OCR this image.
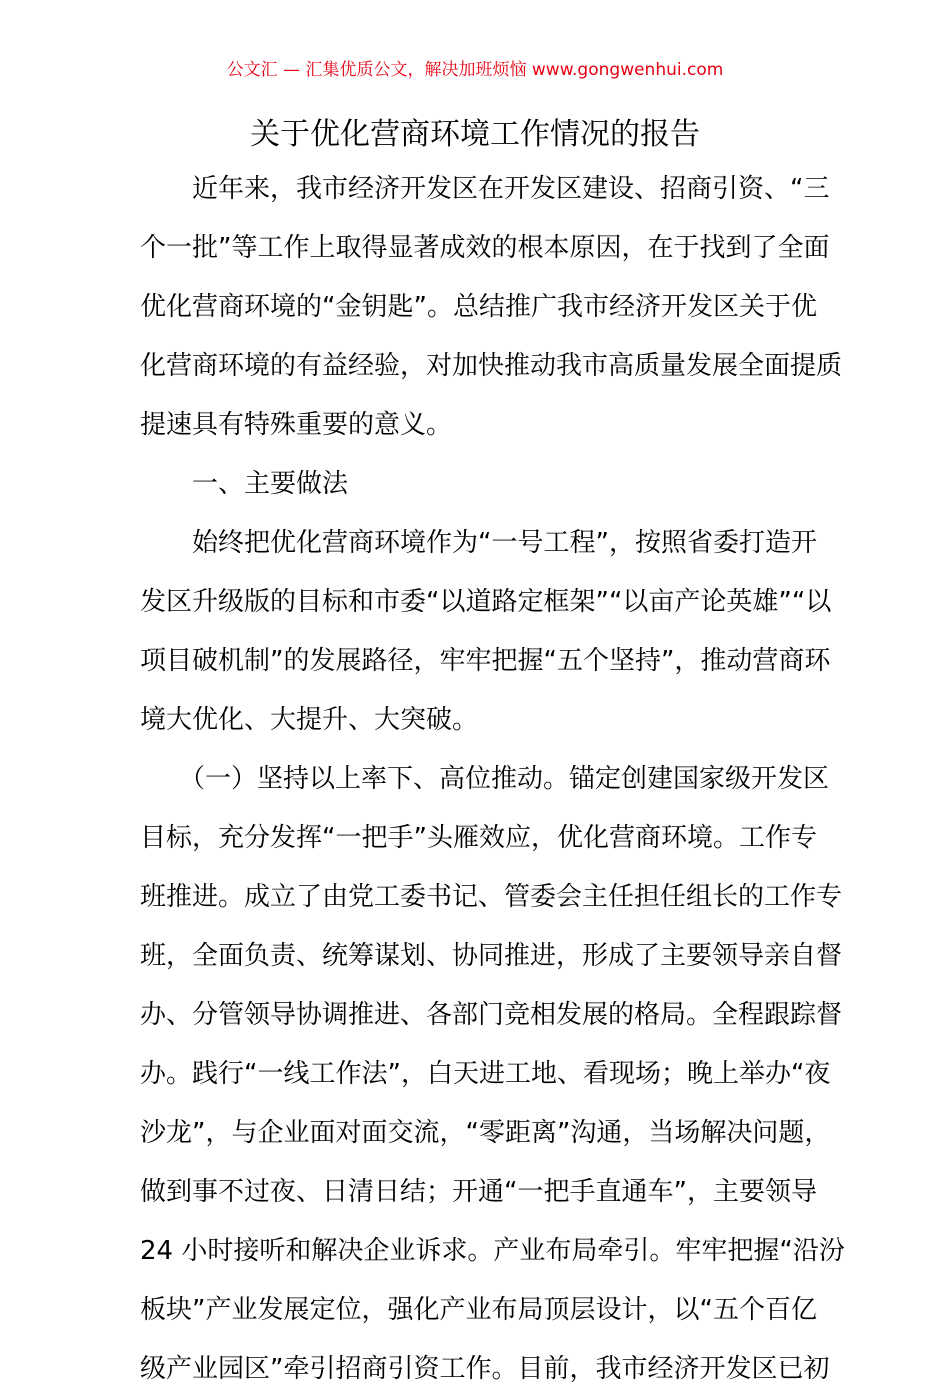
公文汇 — 汇集优质公文，解决加班烦恼 www.gongwenhui.com
关于优化营商环境工作情况的报告
　　近年来，我市经济开发区在开发区建设、招商引资、“三
个一批”等工作上取得显著成效的根本原因，在于找到了全面
优化营商环境的“金钥匙”。总结推广我市经济开发区关于优
化营商环境的有益经验，对加快推动我市高质量发展全面提质
提速具有特殊重要的意义。
　　一、主要做法
　　始终把优化营商环境作为“一号工程”，按照省委打造开
发区升级版的目标和市委“以道路定框架”“以亩产论英雄”“以
项目破机制”的发展路径，牢牢把握“五个坚持”，推动营商环
境大优化、大提升、大突破。
　　（一）坚持以上率下、高位推动。锚定创建国家级开发区
目标，充分发挥“一把手”头雁效应，优化营商环境。工作专
班推进。成立了由党工委书记、管委会主任担任组长的工作专
班，全面负责、统筹谋划、协同推进，形成了主要领导亲自督
办、分管领导协调推进、各部门竞相发展的格局。全程跟踪督
办。践行“一线工作法”，白天进工地、看现场；晚上举办“夜
沙龙”，与企业面对面交流，“零距离”沟通，当场解决问题，
做到事不过夜、日清日结；开通“一把手直通车”，主要领导
24 小时接听和解决企业诉求。产业布局牵引。牢牢把握“沿汾
板块”产业发展定位，强化产业布局顶层设计，以“五个百亿
级产业园区”牵引招商引资工作。目前，我市经济开发区已初
